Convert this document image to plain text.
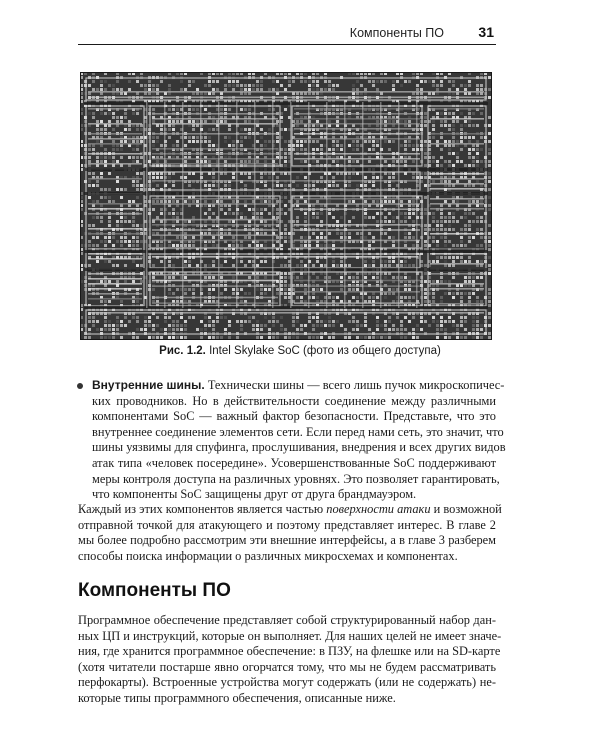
Компоненты ПО 31
Рис. 1.2. Intel Skylake SoC (фото из общего доступа)
Внутренние шины. Технически шины — всего лишь пучок микроскопичес-
ких проводников. Но в действительности соединение между различными
компонентами SoC — важный фактор безопасности. Представьте, что это
внутреннее соединение элементов сети. Если перед нами сеть, это значит, что
шины уязвимы для спуфинга, прослушивания, внедрения и всех других видов
атак типа «человек посередине». Усовершенствованные SoC поддерживают
меры контроля доступа на различных уровнях. Это позволяет гарантировать,
что компоненты SoC защищены друг от друга брандмауэром.
Каждый из этих компонентов является частью поверхности атаки и возможной
отправной точкой для атакующего и поэтому представляет интерес. В главе 2
мы более подробно рассмотрим эти внешние интерфейсы, а в главе 3 разберем
способы поиска информации о различных микросхемах и компонентах.
Компоненты ПО
Программное обеспечение представляет собой структурированный набор дан-
ных ЦП и инструкций, которые он выполняет. Для наших целей не имеет значе-
ния, где хранится программное обеспечение: в ПЗУ, на флешке или на SD-карте
(хотя читатели постарше явно огорчатся тому, что мы не будем рассматривать
перфокарты). Встроенные устройства могут содержать (или не содержать) не-
которые типы программного обеспечения, описанные ниже.
